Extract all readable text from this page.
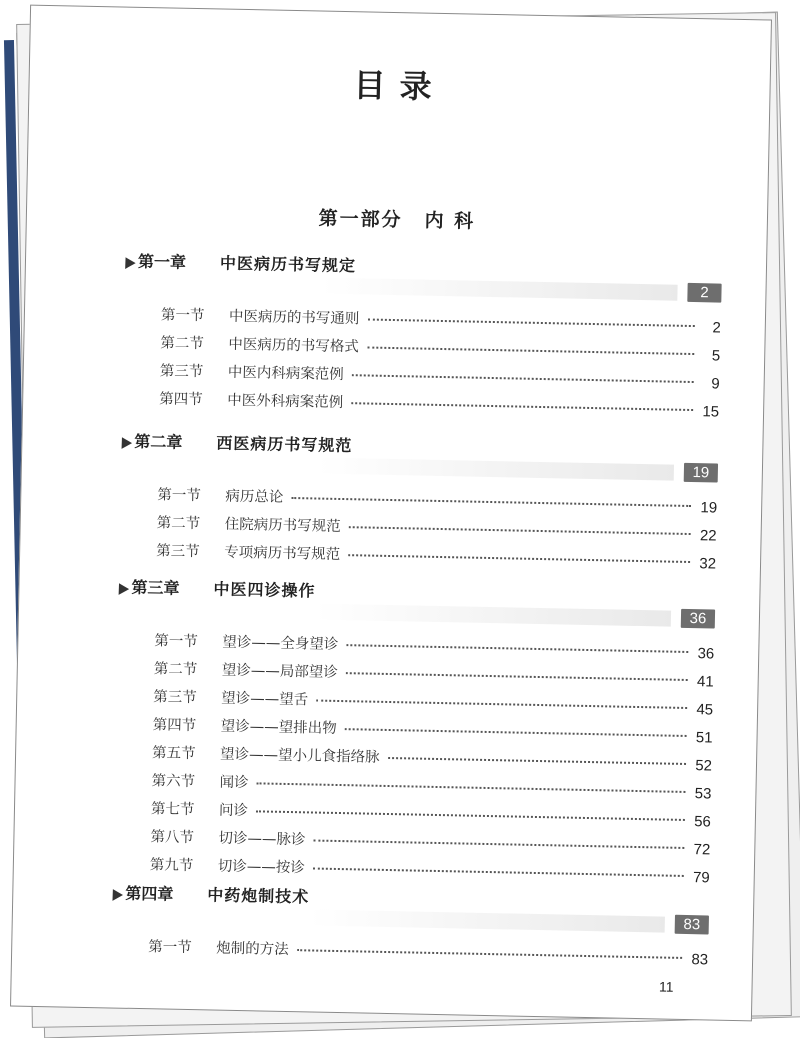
目录
第一部分 内 科
第一章 中医病历书写规定
2
第一节 中医病历的书写通则
2
第二节 中医病历的书写格式
5
第三节 中医内科病案范例
9
第四节 中医外科病案范例
15
第二章 西医病历书写规范
19
第一节 病历总论
19
第二节 住院病历书写规范
22
第三节 专项病历书写规范
32
第三章 中医四诊操作
36
第一节 望诊——全身望诊
36
第二节 望诊——局部望诊
41
第三节 望诊——望舌
45
第四节 望诊——望排出物
51
第五节 望诊——望小儿食指络脉
52
第六节 闻诊
53
第七节 问诊
56
第八节 切诊——脉诊
72
第九节 切诊——按诊
79
第四章 中药炮制技术
83
第一节 炮制的方法
83
11
